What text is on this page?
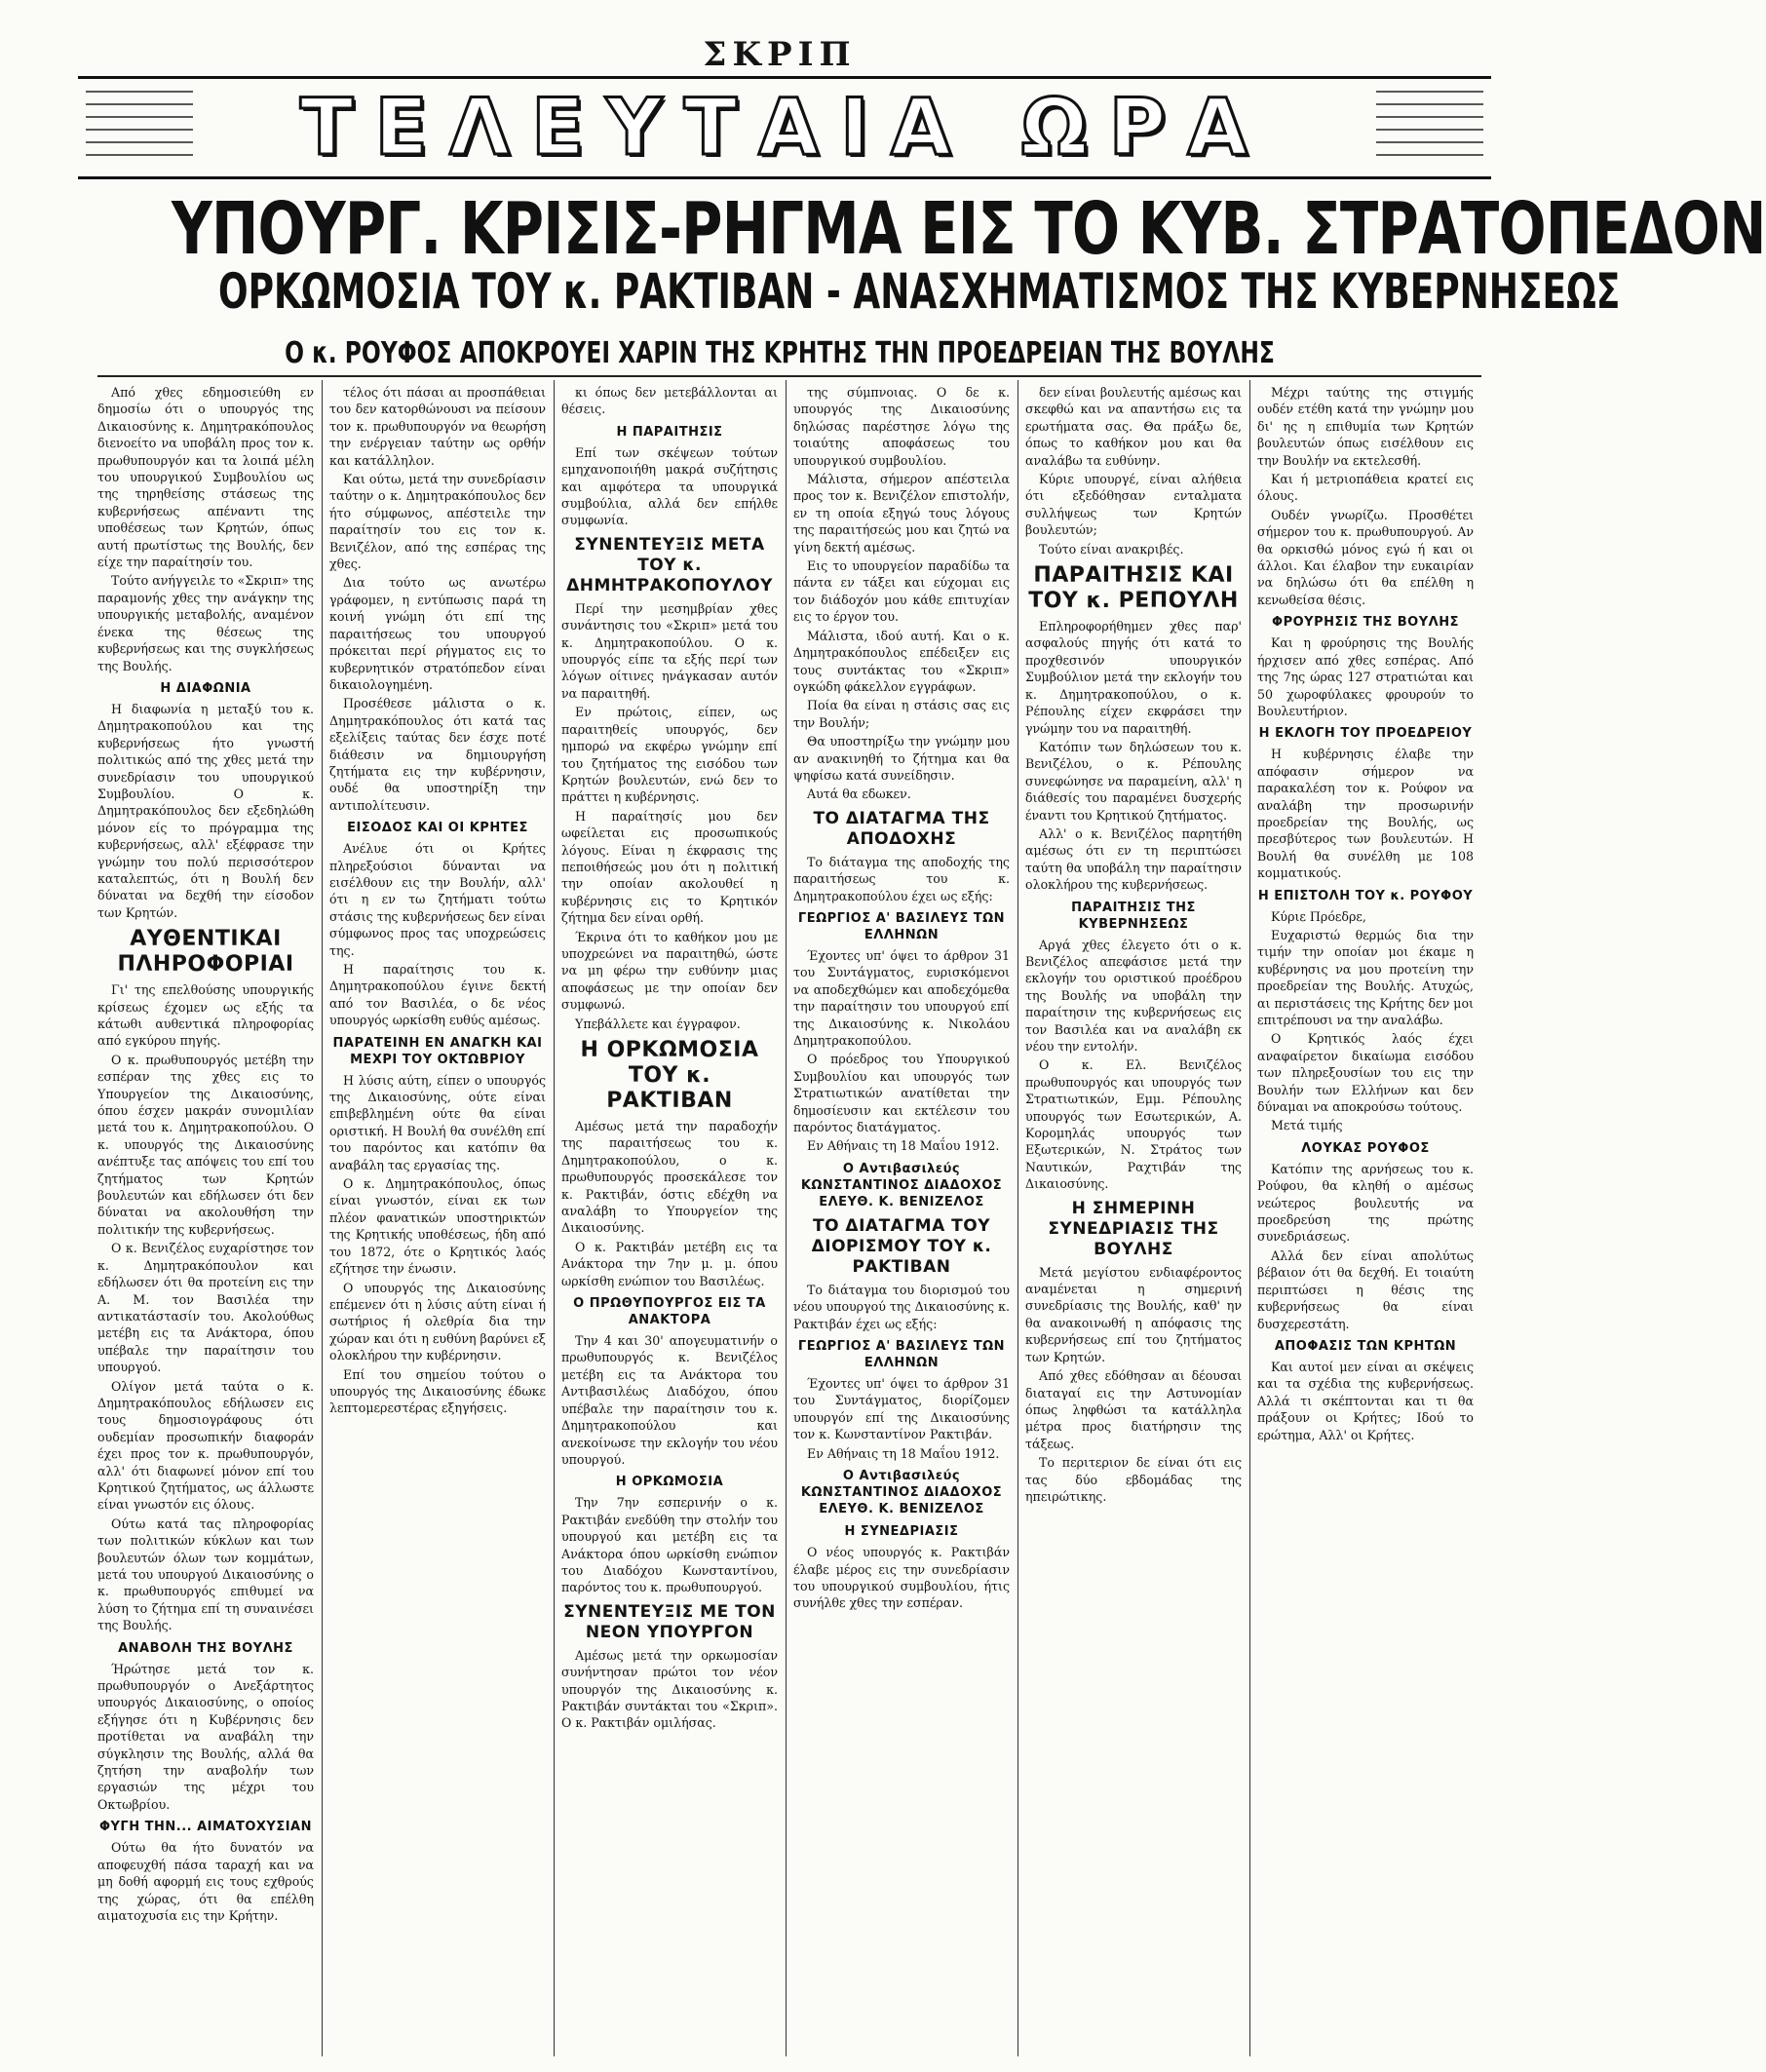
ΣΚΡΙΠ
ΤΕΛΕΥΤΑΙΑ ΩΡΑ
ΥΠΟΥΡΓ. ΚΡΙΣΙΣ-ΡΗΓΜΑ ΕΙΣ ΤΟ ΚΥΒ. ΣΤΡΑΤΟΠΕΔΟΝ
ΟΡΚΩΜΟΣΙΑ ΤΟΥ κ. ΡΑΚΤΙΒΑΝ - ΑΝΑΣΧΗΜΑΤΙΣΜΟΣ ΤΗΣ ΚΥΒΕΡΝΗΣΕΩΣ
Ο κ. ΡΟΥΦΟΣ ΑΠΟΚΡΟΥΕΙ ΧΑΡΙΝ ΤΗΣ ΚΡΗΤΗΣ ΤΗΝ ΠΡΟΕΔΡΕΙΑΝ ΤΗΣ ΒΟΥΛΗΣ

Από χθες εδημοσιεύθη εν δημοσίω ότι ο υπουργός της Δικαιοσύνης κ. Δημητρακόπουλος διενοείτο να υποβάλη προς τον κ. πρωθυπουργόν και τα λοιπά μέλη του υπουργικού Συμβουλίου ως της τηρηθείσης στάσεως της κυβερνήσεως απέναντι της υποθέσεως των Κρητών, όπως αυτή πρωτίστως της Βουλής, δεν είχε την παραίτησίν του.

Τούτο ανήγγειλε το «Σκριπ» της παραμονής χθες την ανάγκην της υπουργικής μεταβολής, αναμένον ένεκα της θέσεως της κυβερνήσεως και της συγκλήσεως της Βουλής.

Η ΔΙΑΦΩΝΙΑ

Η διαφωνία η μεταξύ του κ. Δημητρακοπούλου και της κυβερνήσεως ήτο γνωστή πολιτικώς από της χθες μετά την συνεδρίασιν του υπουργικού Συμβουλίου. Ο κ. Δημητρακόπουλος δεν εξεδηλώθη μόνον είς το πρόγραμμα της κυβερνήσεως, αλλ' εξέφρασε την γνώμην του πολύ περισσότερον καταλεπτώς, ότι η Βουλή δεν δύναται να δεχθή την είσοδον των Κρητών.

ΑΥΘΕΝΤΙΚΑΙ ΠΛΗΡΟΦΟΡΙΑΙ

Γι' της επελθούσης υπουργικής κρίσεως έχομεν ως εξής τα κάτωθι αυθεντικά πληροφορίας από εγκύρου πηγής.

Ο κ. πρωθυπουργός μετέβη την εσπέραν της χθες εις το Υπουργείον της Δικαιοσύνης, όπου έσχεν μακράν συνομιλίαν μετά του κ. Δημητρακοπούλου. Ο κ. υπουργός της Δικαιοσύνης ανέπτυξε τας απόψεις του επί του ζητήματος των Κρητών βουλευτών και εδήλωσεν ότι δεν δύναται να ακολουθήση την πολιτικήν της κυβερνήσεως.

Ο κ. Βενιζέλος ευχαρίστησε τον κ. Δημητρακόπουλον και εδήλωσεν ότι θα προτείνη εις την Α. Μ. τον Βασιλέα την αντικατάστασίν του. Ακολούθως μετέβη εις τα Ανάκτορα, όπου υπέβαλε την παραίτησιν του υπουργού.

Ολίγον μετά ταύτα ο κ. Δημητρακόπουλος εδήλωσεν εις τους δημοσιογράφους ότι ουδεμίαν προσωπικήν διαφοράν έχει προς τον κ. πρωθυπουργόν, αλλ' ότι διαφωνεί μόνον επί του Κρητικού ζητήματος, ως άλλωστε είναι γνωστόν εις όλους.

Ούτω κατά τας πληροφορίας των πολιτικών κύκλων και των βουλευτών όλων των κομμάτων, μετά του υπουργού Δικαιοσύνης ο κ. πρωθυπουργός επιθυμεί να λύση το ζήτημα επί τη συναινέσει της Βουλής.

ΑΝΑΒΟΛΗ ΤΗΣ ΒΟΥΛΗΣ

Ήρώτησε μετά τον κ. πρωθυπουργόν ο Ανεξάρτητος υπουργός Δικαιοσύνης, ο οποίος εξήγησε ότι η Κυβέρνησις δεν προτίθεται να αναβάλη την σύγκλησιν της Βουλής, αλλά θα ζητήση την αναβολήν των εργασιών της μέχρι του Οκτωβρίου.

ΦΥΓΗ ΤΗΝ... ΑΙΜΑΤΟΧΥΣΙΑΝ

Ούτω θα ήτο δυνατόν να αποφευχθή πάσα ταραχή και να μη δοθή αφορμή εις τους εχθρούς της χώρας, ότι θα επέλθη αιματοχυσία εις την Κρήτην.

τέλος ότι πάσαι αι προσπάθειαι του δεν κατορθώνουσι να πείσουν τον κ. πρωθυπουργόν να θεωρήση την ενέργειαν ταύτην ως ορθήν και κατάλληλον.

Και ούτω, μετά την συνεδρίασιν ταύτην ο κ. Δημητρακόπουλος δεν ήτο σύμφωνος, απέστειλε την παραίτησίν του εις τον κ. Βενιζέλον, από της εσπέρας της χθες.

Δια τούτο ως ανωτέρω γράφομεν, η εντύπωσις παρά τη κοινή γνώμη ότι επί της παραιτήσεως του υπουργού πρόκειται περί ρήγματος εις το κυβερνητικόν στρατόπεδον είναι δικαιολογημένη.

Προσέθεσε μάλιστα ο κ. Δημητρακόπουλος ότι κατά τας εξελίξεις ταύτας δεν έσχε ποτέ διάθεσιν να δημιουργήση ζητήματα εις την κυβέρνησιν, ουδέ θα υποστηρίξη την αντιπολίτευσιν.

ΕΙΣΟΔΟΣ ΚΑΙ ΟΙ ΚΡΗΤΕΣ

Ανέλυε ότι οι Κρήτες πληρεξούσιοι δύνανται να εισέλθουν εις την Βουλήν, αλλ' ότι η εν τω ζητήματι τούτω στάσις της κυβερνήσεως δεν είναι σύμφωνος προς τας υποχρεώσεις της.

Η παραίτησις του κ. Δημητρακοπούλου έγινε δεκτή από τον Βασιλέα, ο δε νέος υπουργός ωρκίσθη ευθύς αμέσως.

ΠΑΡΑΤΕΙΝΗ ΕΝ ΑΝΑΓΚΗ ΚΑΙ ΜΕΧΡΙ ΤΟΥ ΟΚΤΩΒΡΙΟΥ

Η λύσις αύτη, είπεν ο υπουργός της Δικαιοσύνης, ούτε είναι επιβεβλημένη ούτε θα είναι οριστική. Η Βουλή θα συνέλθη επί του παρόντος και κατόπιν θα αναβάλη τας εργασίας της.

Ο κ. Δημητρακόπουλος, όπως είναι γνωστόν, είναι εκ των πλέον φανατικών υποστηρικτών της Κρητικής υποθέσεως, ήδη από του 1872, ότε ο Κρητικός λαός εζήτησε την ένωσιν.

Ο υπουργός της Δικαιοσύνης επέμενεν ότι η λύσις αύτη είναι ή σωτήριος ή ολεθρία δια την χώραν και ότι η ευθύνη βαρύνει εξ ολοκλήρου την κυβέρνησιν.

Επί του σημείου τούτου ο υπουργός της Δικαιοσύνης έδωκε λεπτομερεστέρας εξηγήσεις.

κι όπως δεν μετεβάλλονται αι θέσεις.

Η ΠΑΡΑΙΤΗΣΙΣ

Επί των σκέψεων τούτων εμηχανοποιήθη μακρά συζήτησις και αμφότερα τα υπουργικά συμβούλια, αλλά δεν επήλθε συμφωνία.

ΣΥΝΕΝΤΕΥΞΙΣ ΜΕΤΑ ΤΟΥ κ. ΔΗΜΗΤΡΑΚΟΠΟΥΛΟΥ

Περί την μεσημβρίαν χθες συνάντησις του «Σκριπ» μετά του κ. Δημητρακοπούλου. Ο κ. υπουργός είπε τα εξής περί των λόγων οίτινες ηνάγκασαν αυτόν να παραιτηθή.

Εν πρώτοις, είπεν, ως παραιτηθείς υπουργός, δεν ημπορώ να εκφέρω γνώμην επί του ζητήματος της εισόδου των Κρητών βουλευτών, ενώ δεν το πράττει η κυβέρνησις.

Η παραίτησίς μου δεν ωφείλεται εις προσωπικούς λόγους. Είναι η έκφρασις της πεποιθήσεώς μου ότι η πολιτική την οποίαν ακολουθεί η κυβέρνησις εις το Κρητικόν ζήτημα δεν είναι ορθή.

Έκρινα ότι το καθήκον μου με υποχρεώνει να παραιτηθώ, ώστε να μη φέρω την ευθύνην μιας αποφάσεως με την οποίαν δεν συμφωνώ.

Υπεβάλλετε και έγγραφον.

Η ΟΡΚΩΜΟΣΙΑ ΤΟΥ κ. ΡΑΚΤΙΒΑΝ

Αμέσως μετά την παραδοχήν της παραιτήσεως του κ. Δημητρακοπούλου, ο κ. πρωθυπουργός προσεκάλεσε τον κ. Ρακτιβάν, όστις εδέχθη να αναλάβη το Υπουργείον της Δικαιοσύνης.

Ο κ. Ρακτιβάν μετέβη εις τα Ανάκτορα την 7ην μ. μ. όπου ωρκίσθη ενώπιον του Βασιλέως.

Ο ΠΡΩΘΥΠΟΥΡΓΟΣ ΕΙΣ ΤΑ ΑΝΑΚΤΟΡΑ

Την 4 και 30' απογευματινήν ο πρωθυπουργός κ. Βενιζέλος μετέβη εις τα Ανάκτορα του Αντιβασιλέως Διαδόχου, όπου υπέβαλε την παραίτησιν του κ. Δημητρακοπούλου και ανεκοίνωσε την εκλογήν του νέου υπουργού.

Η ΟΡΚΩΜΟΣΙΑ

Την 7ην εσπερινήν ο κ. Ρακτιβάν ενεδύθη την στολήν του υπουργού και μετέβη εις τα Ανάκτορα όπου ωρκίσθη ενώπιον του Διαδόχου Κωνσταντίνου, παρόντος του κ. πρωθυπουργού.

ΣΥΝΕΝΤΕΥΞΙΣ ΜΕ ΤΟΝ ΝΕΟΝ ΥΠΟΥΡΓΟΝ

Αμέσως μετά την ορκωμοσίαν συνήντησαν πρώτοι τον νέον υπουργόν της Δικαιοσύνης κ. Ρακτιβάν συντάκται του «Σκριπ». Ο κ. Ρακτιβάν ομιλήσας.

της σύμπνοιας. Ο δε κ. υπουργός της Δικαιοσύνης δηλώσας παρέστησε λόγω της τοιαύτης αποφάσεως του υπουργικού συμβουλίου.

Μάλιστα, σήμερον απέστειλα προς τον κ. Βενιζέλον επιστολήν, εν τη οποία εξηγώ τους λόγους της παραιτήσεώς μου και ζητώ να γίνη δεκτή αμέσως.

Εις το υπουργείον παραδίδω τα πάντα εν τάξει και εύχομαι εις τον διάδοχόν μου κάθε επιτυχίαν εις το έργον του.

Μάλιστα, ιδού αυτή. Και ο κ. Δημητρακόπουλος επέδειξεν εις τους συντάκτας του «Σκριπ» ογκώδη φάκελλον εγγράφων.

Ποία θα είναι η στάσις σας εις την Βουλήν;

Θα υποστηρίξω την γνώμην μου αν ανακινηθή το ζήτημα και θα ψηφίσω κατά συνείδησιν.

Αυτά θα εδωκεν.

ΤΟ ΔΙΑΤΑΓΜΑ ΤΗΣ ΑΠΟΔΟΧΗΣ

Το διάταγμα της αποδοχής της παραιτήσεως του κ. Δημητρακοπούλου έχει ως εξής:

ΓΕΩΡΓΙΟΣ Α' ΒΑΣΙΛΕΥΣ ΤΩΝ ΕΛΛΗΝΩΝ

Έχοντες υπ' όψει το άρθρον 31 του Συντάγματος, ευρισκόμενοι να αποδεχθώμεν και αποδεχόμεθα την παραίτησιν του υπουργού επί της Δικαιοσύνης κ. Νικολάου Δημητρακοπούλου.

Ο πρόεδρος του Υπουργικού Συμβουλίου και υπουργός των Στρατιωτικών ανατίθεται την δημοσίευσιν και εκτέλεσιν του παρόντος διατάγματος.

Εν Αθήναις τη 18 Μαΐου 1912.

Ο Αντιβασιλεύς ΚΩΝΣΤΑΝΤΙΝΟΣ ΔΙΑΔΟΧΟΣ ΕΛΕΥΘ. Κ. ΒΕΝΙΖΕΛΟΣ
ΤΟ ΔΙΑΤΑΓΜΑ ΤΟΥ ΔΙΟΡΙΣΜΟΥ ΤΟΥ κ. ΡΑΚΤΙΒΑΝ

Το διάταγμα του διορισμού του νέου υπουργού της Δικαιοσύνης κ. Ρακτιβάν έχει ως εξής:

ΓΕΩΡΓΙΟΣ Α' ΒΑΣΙΛΕΥΣ ΤΩΝ ΕΛΛΗΝΩΝ

Έχοντες υπ' όψει το άρθρον 31 του Συντάγματος, διορίζομεν υπουργόν επί της Δικαιοσύνης τον κ. Κωνσταντίνον Ρακτιβάν.

Εν Αθήναις τη 18 Μαΐου 1912.

Ο Αντιβασιλεύς ΚΩΝΣΤΑΝΤΙΝΟΣ ΔΙΑΔΟΧΟΣ ΕΛΕΥΘ. Κ. ΒΕΝΙΖΕΛΟΣ
Η ΣΥΝΕΔΡΙΑΣΙΣ

Ο νέος υπουργός κ. Ρακτιβάν έλαβε μέρος εις την συνεδρίασιν του υπουργικού συμβουλίου, ήτις συνήλθε χθες την εσπέραν.

δεν είναι βουλευτής αμέσως και σκεφθώ και να απαντήσω εις τα ερωτήματα σας. Θα πράξω δε, όπως το καθήκον μου και θα αναλάβω τα ευθύνην.

Κύριε υπουργέ, είναι αλήθεια ότι εξεδόθησαν ενταλματα συλλήψεως των Κρητών βουλευτών;

Τούτο είναι ανακριβές.

ΠΑΡΑΙΤΗΣΙΣ ΚΑΙ ΤΟΥ κ. ΡΕΠΟΥΛΗ

Επληροφορήθημεν χθες παρ' ασφαλούς πηγής ότι κατά το προχθεσινόν υπουργικόν Συμβούλιον μετά την εκλογήν του κ. Δημητρακοπούλου, ο κ. Ρέπουλης είχεν εκφράσει την γνώμην του να παραιτηθή.

Κατόπιν των δηλώσεων του κ. Βενιζέλου, ο κ. Ρέπουλης συνεφώνησε να παραμείνη, αλλ' η διάθεσίς του παραμένει δυσχερής έναντι του Κρητικού ζητήματος.

Αλλ' ο κ. Βενιζέλος παρητήθη αμέσως ότι εν τη περιπτώσει ταύτη θα υποβάλη την παραίτησιν ολοκλήρου της κυβερνήσεως.

ΠΑΡΑΙΤΗΣΙΣ ΤΗΣ ΚΥΒΕΡΝΗΣΕΩΣ

Αργά χθες έλεγετο ότι ο κ. Βενιζέλος απεφάσισε μετά την εκλογήν του οριστικού προέδρου της Βουλής να υποβάλη την παραίτησιν της κυβερνήσεως εις τον Βασιλέα και να αναλάβη εκ νέου την εντολήν.

Ο κ. Ελ. Βενιζέλος πρωθυπουργός και υπουργός των Στρατιωτικών, Εμμ. Ρέπουλης υπουργός των Εσωτερικών, Α. Κορομηλάς υπουργός των Εξωτερικών, Ν. Στράτος των Ναυτικών, Ραχτιβάν της Δικαιοσύνης.

Η ΣΗΜΕΡΙΝΗ ΣΥΝΕΔΡΙΑΣΙΣ ΤΗΣ ΒΟΥΛΗΣ

Μετά μεγίστου ενδιαφέροντος αναμένεται η σημερινή συνεδρίασις της Βουλής, καθ' ην θα ανακοινωθή η απόφασις της κυβερνήσεως επί του ζητήματος των Κρητών.

Από χθες εδόθησαν αι δέουσαι διαταγαί εις την Αστυνομίαν όπως ληφθώσι τα κατάλληλα μέτρα προς διατήρησιν της τάξεως.

Το περιτεριον δε είναι ότι εις τας δύο εβδομάδας της ηπειρώτικης.

Μέχρι ταύτης της στιγμής ουδέν ετέθη κατά την γνώμην μου δι' ης η επιθυμία των Κρητών βουλευτών όπως εισέλθουν εις την Βουλήν να εκτελεσθή.

Και ή μετριοπάθεια κρατεί εις όλους.

Ουδέν γνωρίζω. Προσθέτει σήμερον του κ. πρωθυπουργού. Αν θα ορκισθώ μόνος εγώ ή και οι άλλοι. Και έλαβον την ευκαιρίαν να δηλώσω ότι θα επέλθη η κενωθείσα θέσις.

ΦΡΟΥΡΗΣΙΣ ΤΗΣ ΒΟΥΛΗΣ

Και η φρούρησις της Βουλής ήρχισεν από χθες εσπέρας. Από της 7ης ώρας 127 στρατιώται και 50 χωροφύλακες φρουρούν το Βουλευτήριον.

Η ΕΚΛΟΓΗ ΤΟΥ ΠΡΟΕΔΡΕΙΟΥ

Η κυβέρνησις έλαβε την απόφασιν σήμερον να παρακαλέση τον κ. Ρούφον να αναλάβη την προσωρινήν προεδρείαν της Βουλής, ως πρεσβύτερος των βουλευτών. Η Βουλή θα συνέλθη με 108 κομματικούς.

Η ΕΠΙΣΤΟΛΗ ΤΟΥ κ. ΡΟΥΦΟΥ

Κύριε Πρόεδρε,

Ευχαριστώ θερμώς δια την τιμήν την οποίαν μοι έκαμε η κυβέρνησις να μου προτείνη την προεδρείαν της Βουλής. Ατυχώς, αι περιστάσεις της Κρήτης δεν μοι επιτρέπουσι να την αναλάβω.

Ο Κρητικός λαός έχει αναφαίρετον δικαίωμα εισόδου των πληρεξουσίων του εις την Βουλήν των Ελλήνων και δεν δύναμαι να αποκρούσω τούτους.

Μετά τιμής

ΛΟΥΚΑΣ ΡΟΥΦΟΣ

Κατόπιν της αρνήσεως του κ. Ρούφου, θα κληθή ο αμέσως νεώτερος βουλευτής να προεδρεύση της πρώτης συνεδριάσεως.

Αλλά δεν είναι απολύτως βέβαιον ότι θα δεχθή. Ει τοιαύτη περιπτώσει η θέσις της κυβερνήσεως θα είναι δυσχερεστάτη.

ΑΠΟΦΑΣΙΣ ΤΩΝ ΚΡΗΤΩΝ

Και αυτοί μεν είναι αι σκέψεις και τα σχέδια της κυβερνήσεως. Αλλά τι σκέπτονται και τι θα πράξουν οι Κρήτες; Ιδού το ερώτημα, Αλλ' οι Κρήτες.
